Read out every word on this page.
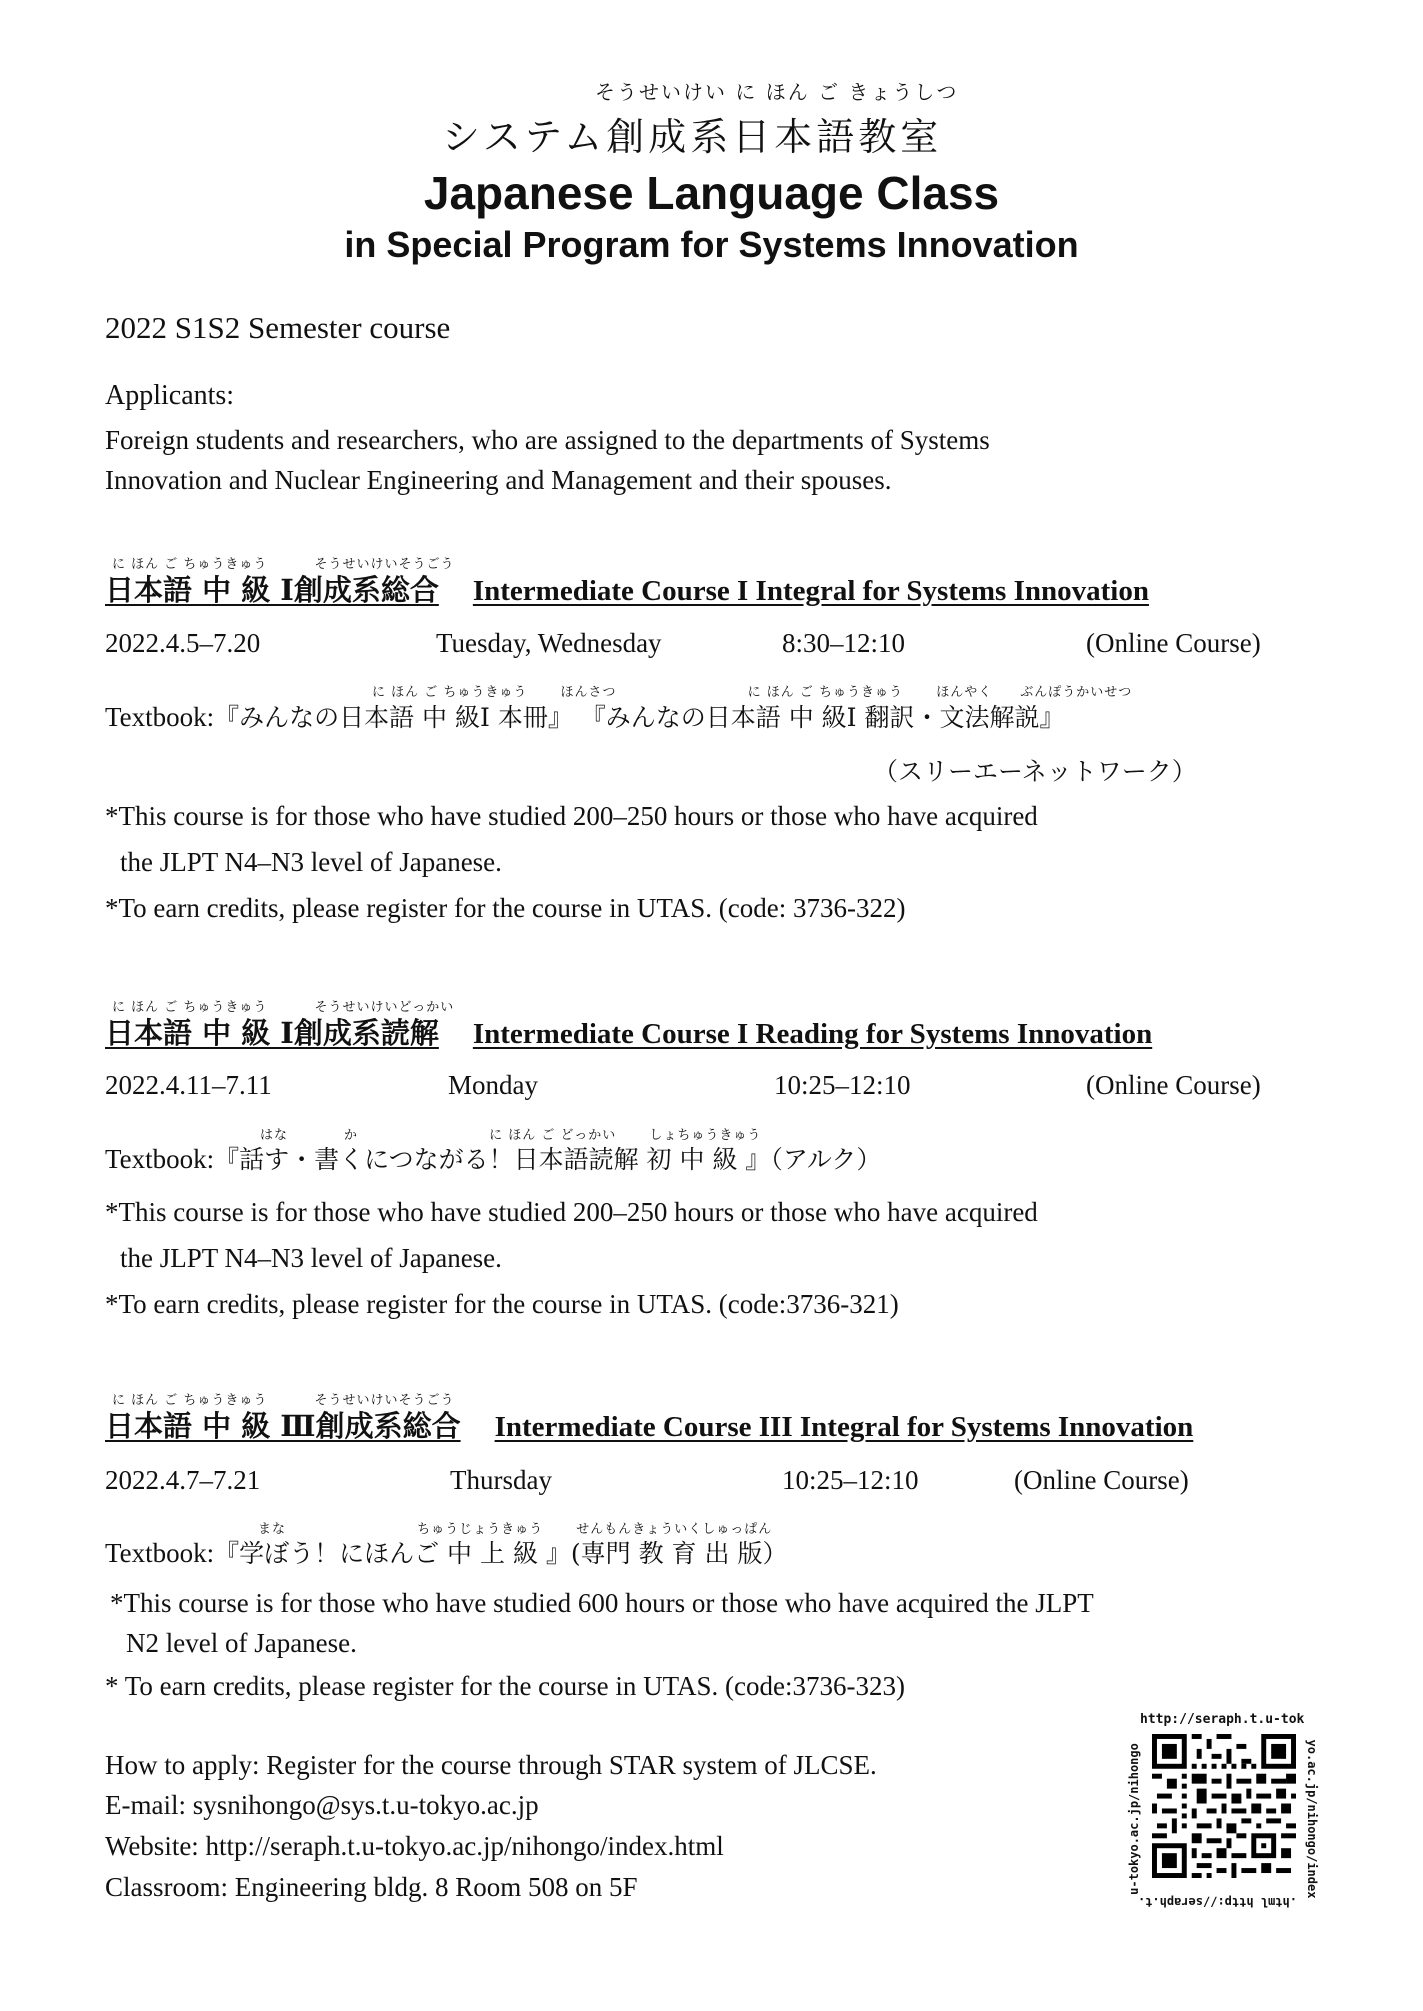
そうせいけい に ほん ご きょうしつ
システム創成系日本語教室
Japanese Language Class
in Special Program for Systems Innovation
2022 S1S2 Semester course
Applicants:
Foreign students and researchers, who are assigned to the departments of Systems
Innovation and Nuclear Engineering and Management and their spouses.
に ほん ご ちゅうきゅう　　　 そうせいけいそうごう
日本語 中 級 Ⅰ創成系総合 Intermediate Course I Integral for Systems Innovation
2022.4.5–7.20	Tuesday, Wednesday	8:30–12:10	(Online Course)
に ほん ご ちゅうきゅう　　 ほんさつ　　　　　　　　　 に ほん ご ちゅうきゅう　　 ほんやく　　ぶんぽうかいせつ
Textbook:『みんなの日本語 中 級Ⅰ 本冊』 『みんなの日本語 中 級Ⅰ 翻訳・文法解説』
（スリーエーネットワーク）
*This course is for those who have studied 200–250 hours or those who have acquired
the JLPT N4–N3 level of Japanese.
*To earn credits, please register for the course in UTAS. (code: 3736-322)
に ほん ご ちゅうきゅう　　　 そうせいけいどっかい
日本語 中 級 Ⅰ創成系読解 Intermediate Course I Reading for Systems Innovation
2022.4.11–7.11	Monday	10:25–12:10	(Online Course)
はな　　　　か　　　　　　　　　 に ほん ご どっかい　　 しょちゅうきゅう
Textbook:『話す・書くにつながる！日本語読解 初 中 級 』（アルク）
*This course is for those who have studied 200–250 hours or those who have acquired
the JLPT N4–N3 level of Japanese.
*To earn credits, please register for the course in UTAS. (code:3736-321)
に ほん ご ちゅうきゅう　　　 そうせいけいそうごう
日本語 中 級 Ⅲ創成系総合 Intermediate Course III Integral for Systems Innovation
2022.4.7–7.21	Thursday	10:25–12:10	(Online Course)
まな　　　　　　　　　 ちゅうじょうきゅう　　 せんもんきょういくしゅっぱん
Textbook:『学ぼう！にほんご 中 上 級 』(専門 教 育 出 版）
*This course is for those who have studied 600 hours or those who have acquired the JLPT
N2 level of Japanese.
* To earn credits, please register for the course in UTAS. (code:3736-323)
How to apply: Register for the course through STAR system of JLCSE.
E-mail: sysnihongo@sys.t.u-tokyo.ac.jp
Website: http://seraph.t.u-tokyo.ac.jp/nihongo/index.html
Classroom: Engineering bldg. 8 Room 508 on 5F
http://seraph.t.u-tok
u-tokyo.ac.jp/nihongo	yo.ac.jp/nihongo/index
.html http://seraph.t.
